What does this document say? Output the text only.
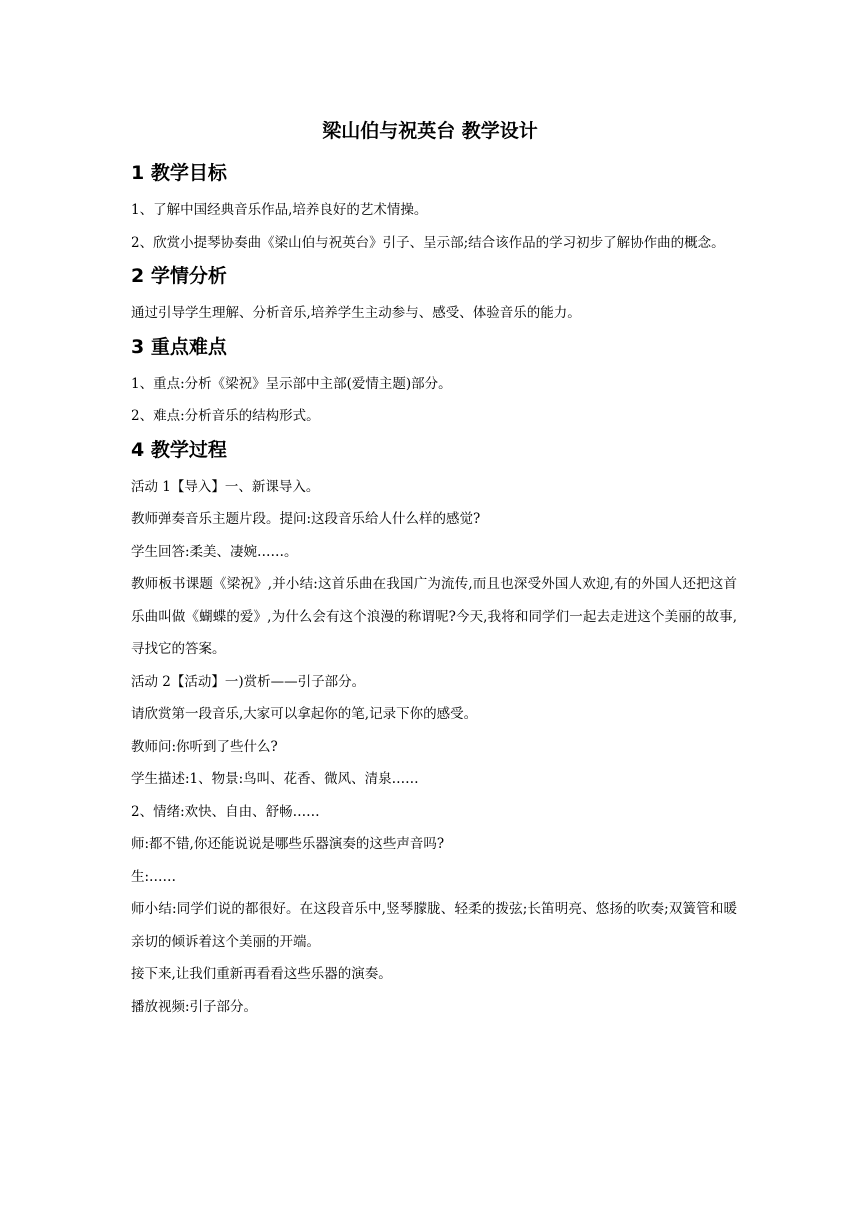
梁山伯与祝英台 教学设计
1 教学目标

1、了解中国经典音乐作品,培养良好的艺术情操。

2、欣赏小提琴协奏曲《梁山伯与祝英台》引子、呈示部;结合该作品的学习初步了解协作曲的概念。

2 学情分析

通过引导学生理解、分析音乐,培养学生主动参与、感受、体验音乐的能力。

3 重点难点

1、重点:分析《梁祝》呈示部中主部(爱情主题)部分。

2、难点:分析音乐的结构形式。

4 教学过程

活动 1【导入】一、新课导入。

教师弹奏音乐主题片段。提问:这段音乐给人什么样的感觉?

学生回答:柔美、凄婉……。

教师板书课题《梁祝》,并小结:这首乐曲在我国广为流传,而且也深受外国人欢迎,有的外国人还把这首乐曲叫做《蝴蝶的爱》,为什么会有这个浪漫的称谓呢?今天,我将和同学们一起去走进这个美丽的故事,寻找它的答案。

活动 2【活动】一)赏析——引子部分。

请欣赏第一段音乐,大家可以拿起你的笔,记录下你的感受。

教师问:你听到了些什么?

学生描述:1、物景:鸟叫、花香、微风、清泉……

2、情绪:欢快、自由、舒畅……

师:都不错,你还能说说是哪些乐器演奏的这些声音吗?

生:……

师小结:同学们说的都很好。在这段音乐中,竖琴朦胧、轻柔的拨弦;长笛明亮、悠扬的吹奏;双簧管和暖亲切的倾诉着这个美丽的开端。

接下来,让我们重新再看看这些乐器的演奏。

播放视频:引子部分。
